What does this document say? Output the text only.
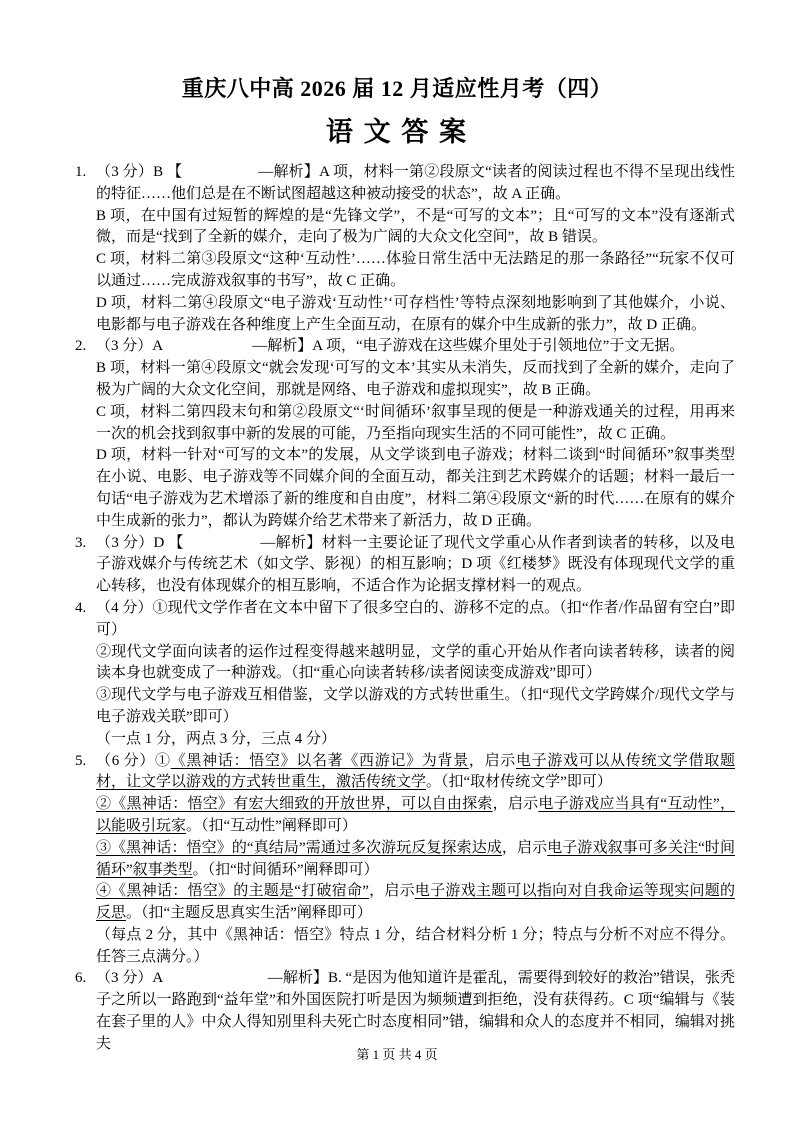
重庆八中高 2026 届 12 月适应性月考（四）
语 文 答 案
1. （3 分）B 【　　　　　—解析】A 项，材料一第②段原文“读者的阅读过程也不得不呈现出线性的特征……他们总是在不断试图超越这种被动接受的状态”，故 A 正确。

B 项，在中国有过短暂的辉煌的是“先锋文学”，不是“可写的文本”；且“可写的文本”没有逐渐式微，而是“找到了全新的媒介，走向了极为广阔的大众文化空间”，故 B 错误。

C 项，材料二第③段原文“这种‘互动性’……体验日常生活中无法踏足的那一条路径”“玩家不仅可以通过……完成游戏叙事的书写”，故 C 正确。

D 项，材料二第④段原文“电子游戏‘互动性’‘可存档性’等特点深刻地影响到了其他媒介，小说、电影都与电子游戏在各种维度上产生全面互动，在原有的媒介中生成新的张力”，故 D 正确。

2. （3 分）A　　　　　　—解析】A 项，“电子游戏在这些媒介里处于引领地位”于文无据。

B 项，材料一第④段原文“就会发现‘可写的文本’其实从未消失，反而找到了全新的媒介，走向了极为广阔的大众文化空间，那就是网络、电子游戏和虚拟现实”，故 B 正确。

C 项，材料二第四段末句和第②段原文“‘时间循环’叙事呈现的便是一种游戏通关的过程，用再来一次的机会找到叙事中新的发展的可能，乃至指向现实生活的不同可能性”，故 C 正确。

D 项，材料一针对“可写的文本”的发展，从文学谈到电子游戏；材料二谈到“时间循环”叙事类型在小说、电影、电子游戏等不同媒介间的全面互动，都关注到艺术跨媒介的话题；材料一最后一句话“电子游戏为艺术增添了新的维度和自由度”，材料二第④段原文“新的时代……在原有的媒介中生成新的张力”，都认为跨媒介给艺术带来了新活力，故 D 正确。

3. （3 分）D 【　　　　　—解析】材料一主要论证了现代文学重心从作者到读者的转移，以及电子游戏媒介与传统艺术（如文学、影视）的相互影响；D 项《红楼梦》既没有体现现代文学的重心转移，也没有体现媒介的相互影响，不适合作为论据支撑材料一的观点。

4. （4 分）①现代文学作者在文本中留下了很多空白的、游移不定的点。（扣“作者/作品留有空白”即可）

②现代文学面向读者的运作过程变得越来越明显，文学的重心开始从作者向读者转移，读者的阅读本身也就变成了一种游戏。（扣“重心向读者转移/读者阅读变成游戏”即可）

③现代文学与电子游戏互相借鉴，文学以游戏的方式转世重生。（扣“现代文学跨媒介/现代文学与电子游戏关联”即可）

（一点 1 分，两点 3 分，三点 4 分）

5. （6 分）①《黑神话：悟空》以名著《西游记》为背景，启示电子游戏可以从传统文学借取题材，让文学以游戏的方式转世重生，激活传统文学。（扣“取材传统文学”即可）

②《黑神话：悟空》有宏大细致的开放世界，可以自由探索，启示电子游戏应当具有“互动性”，以能吸引玩家。（扣“互动性”阐释即可）

③《黑神话：悟空》的“真结局”需通过多次游玩反复探索达成，启示电子游戏叙事可多关注“时间循环”叙事类型。（扣“时间循环”阐释即可）

④《黑神话：悟空》的主题是“打破宿命”，启示电子游戏主题可以指向对自我命运等现实问题的反思。（扣“主题反思真实生活”阐释即可）

（每点 2 分，其中《黑神话：悟空》特点 1 分，结合材料分析 1 分；特点与分析不对应不得分。任答三点满分。）

6. （3 分）A　　　　　　　—解析】B. “是因为他知道许是霍乱，需要得到较好的救治”错误，张秃子之所以一路跑到“益年堂”和外国医院打听是因为频频遭到拒绝，没有获得药。C 项“编辑与《装在套子里的人》中众人得知别里科夫死亡时态度相同”错，编辑和众人的态度并不相同，编辑对挑夫

第 1 页 共 4 页
